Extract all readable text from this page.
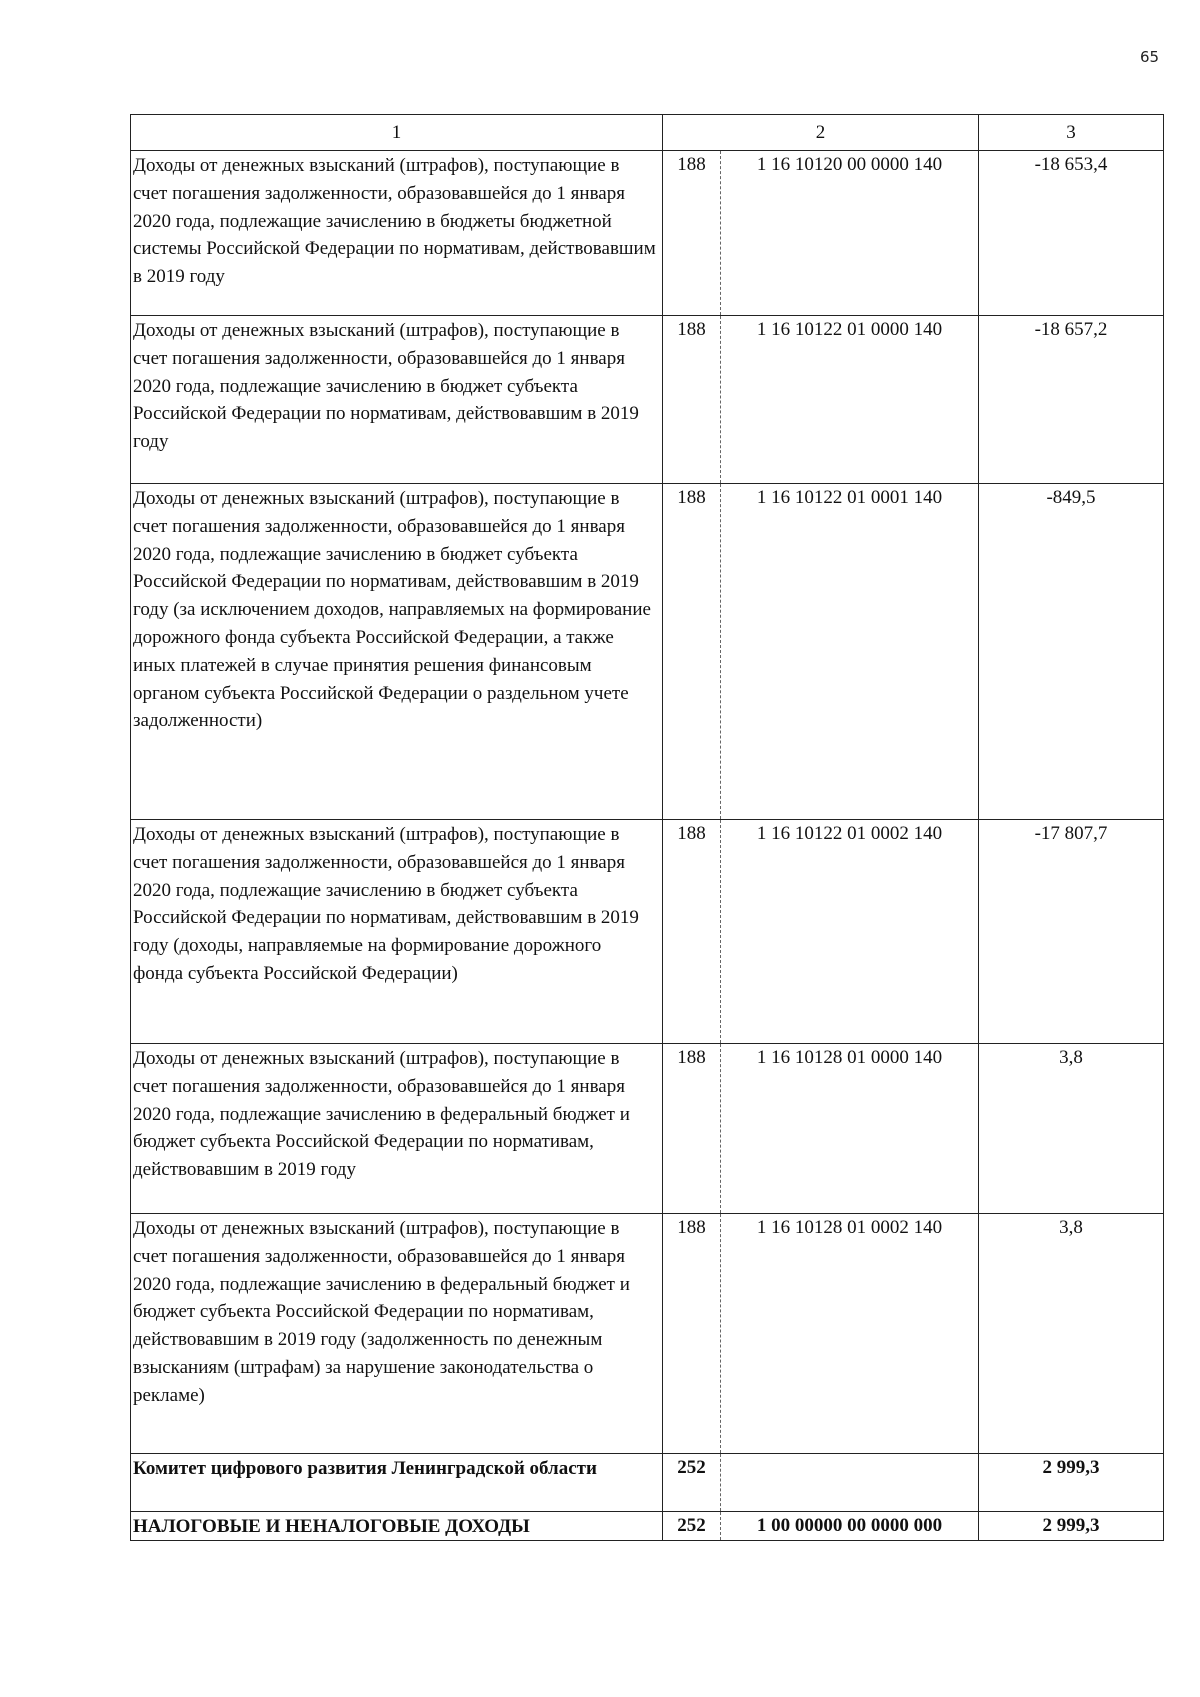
65
1	2		3
Доходы от денежных взысканий (штрафов), поступающие в счет погашения задолженности, образовавшейся до 1 января 2020 года, подлежащие зачислению в бюджеты бюджетной системы Российской Федерации по нормативам, действовавшим в 2019 году	188	1 16 10120 00 0000 140	-18 653,4
Доходы от денежных взысканий (штрафов), поступающие в счет погашения задолженности, образовавшейся до 1 января 2020 года, подлежащие зачислению в бюджет субъекта Российской Федерации по нормативам, действовавшим в 2019 году	188	1 16 10122 01 0000 140	-18 657,2
Доходы от денежных взысканий (штрафов), поступающие в счет погашения задолженности, образовавшейся до 1 января 2020 года, подлежащие зачислению в бюджет субъекта Российской Федерации по нормативам, действовавшим в 2019 году (за исключением доходов, направляемых на формирование дорожного фонда субъекта Российской Федерации, а также иных платежей в случае принятия решения финансовым органом субъекта Российской Федерации о раздельном учете задолженности)	188	1 16 10122 01 0001 140	-849,5
Доходы от денежных взысканий (штрафов), поступающие в счет погашения задолженности, образовавшейся до 1 января 2020 года, подлежащие зачислению в бюджет субъекта Российской Федерации по нормативам, действовавшим в 2019 году (доходы, направляемые на формирование дорожного фонда субъекта Российской Федерации)	188	1 16 10122 01 0002 140	-17 807,7
Доходы от денежных взысканий (штрафов), поступающие в счет погашения задолженности, образовавшейся до 1 января 2020 года, подлежащие зачислению в федеральный бюджет и бюджет субъекта Российской Федерации по нормативам, действовавшим в 2019 году	188	1 16 10128 01 0000 140	3,8
Доходы от денежных взысканий (штрафов), поступающие в счет погашения задолженности, образовавшейся до 1 января 2020 года, подлежащие зачислению в федеральный бюджет и бюджет субъекта Российской Федерации по нормативам, действовавшим в 2019 году (задолженность по денежным взысканиям (штрафам) за нарушение законодательства о рекламе)	188	1 16 10128 01 0002 140	3,8
Комитет цифрового развития Ленинградской области	252		2 999,3
НАЛОГОВЫЕ И НЕНАЛОГОВЫЕ ДОХОДЫ	252	1 00 00000 00 0000 000	2 999,3
